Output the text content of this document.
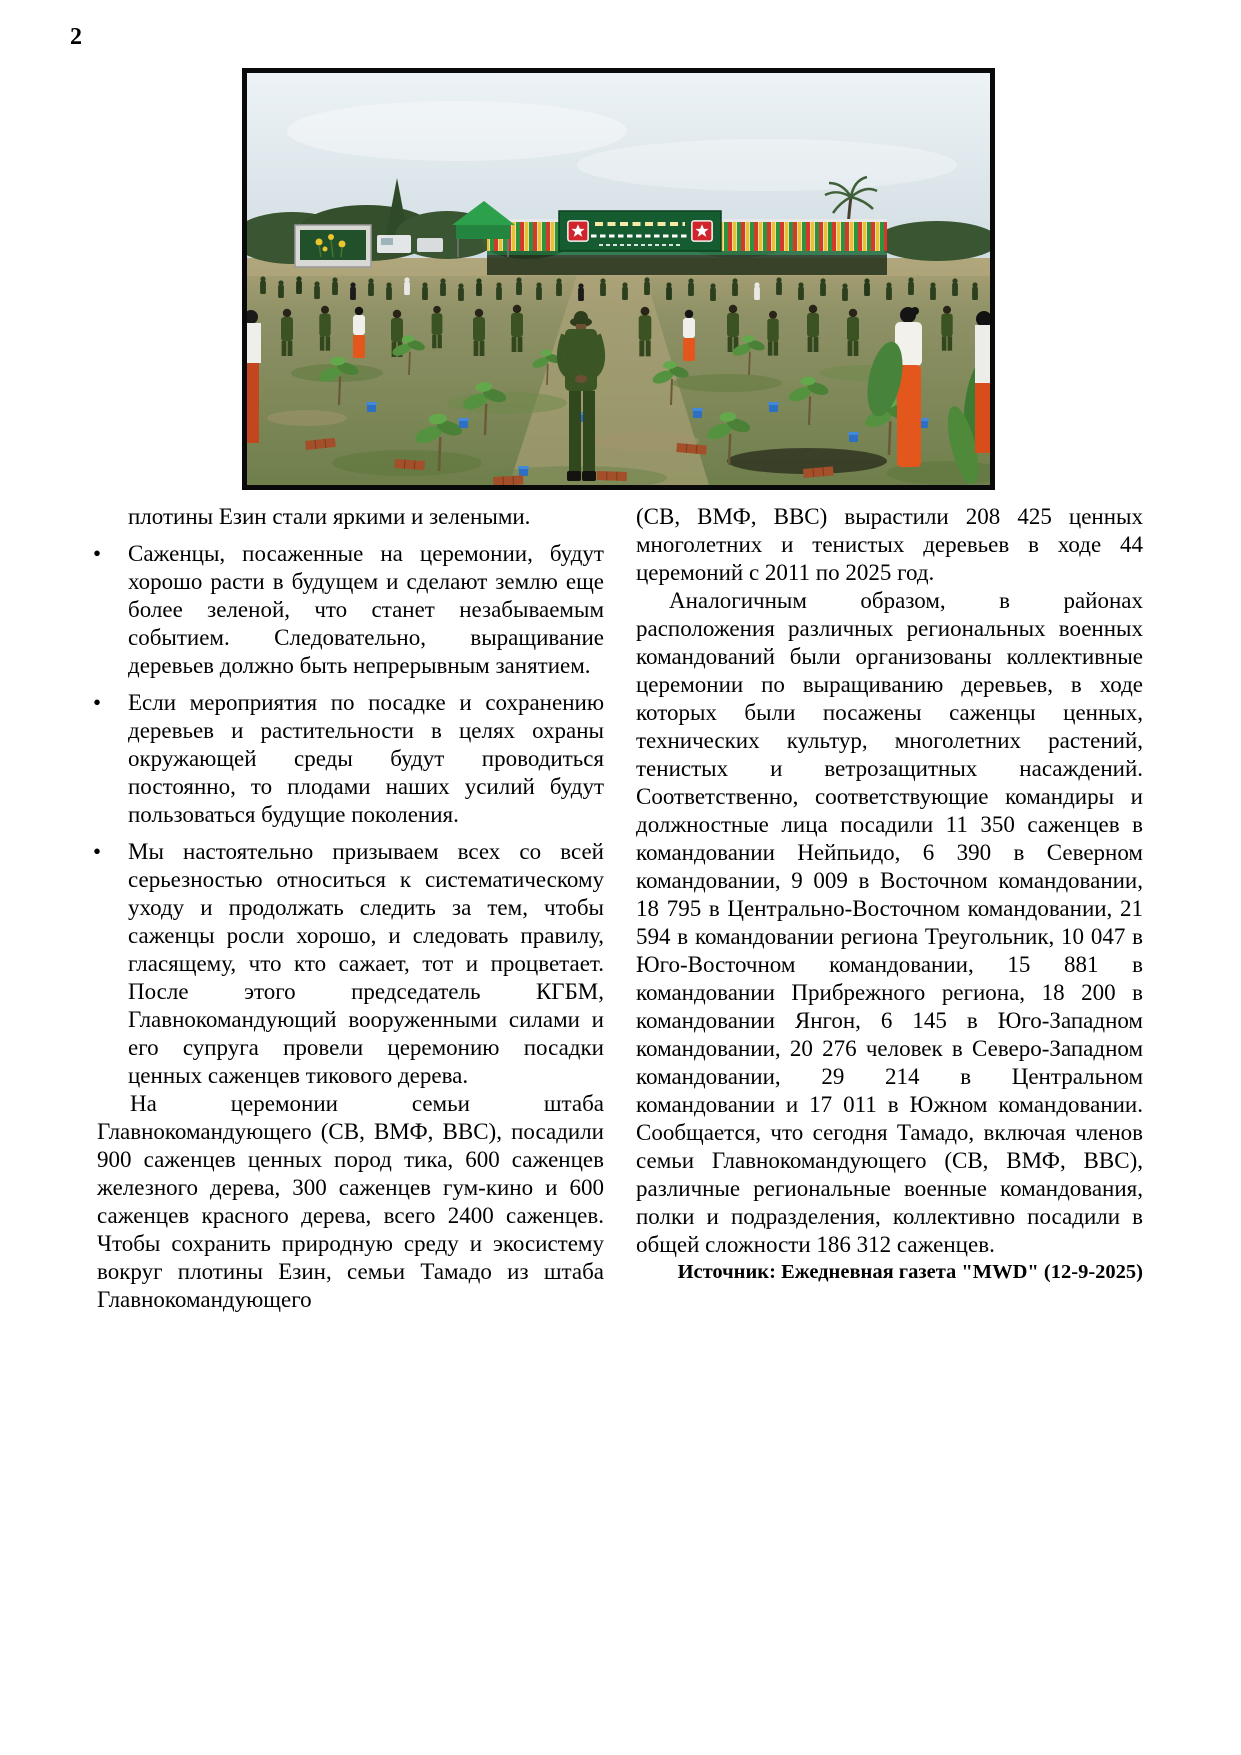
2

плотины Езин стали яркими и зелеными.

• Саженцы, посаженные на церемонии, будут хорошо расти в будущем и сделают землю еще более зеленой, что станет незабываемым событием. Следовательно, выращивание деревьев должно быть непрерывным занятием.

• Если мероприятия по посадке и сохранению деревьев и растительности в целях охраны окружающей среды будут проводиться постоянно, то плодами наших усилий будут пользоваться будущие поколения.

• Мы настоятельно призываем всех со всей серьезностью относиться к систематическому уходу и продолжать следить за тем, чтобы саженцы росли хорошо, и следовать правилу, гласящему, что кто сажает, тот и процветает. После этого председатель КГБМ, Главнокомандующий вооруженными силами и его супруга провели церемонию посадки ценных саженцев тикового дерева.

На церемонии семьи штаба Главнокомандующего (СВ, ВМФ, ВВС), посадили 900 саженцев ценных пород тика, 600 саженцев железного дерева, 300 саженцев гум-кино и 600 саженцев красного дерева, всего 2400 саженцев. Чтобы сохранить природную среду и экосистему вокруг плотины Езин, семьи Тамадо из штаба Главнокомандующего

(СВ, ВМФ, ВВС) вырастили 208 425 ценных многолетних и тенистых деревьев в ходе 44 церемоний с 2011 по 2025 год.

Аналогичным образом, в районах расположения различных региональных военных командований были организованы коллективные церемонии по выращиванию деревьев, в ходе которых были посажены саженцы ценных, технических культур, многолетних растений, тенистых и ветрозащитных насаждений. Соответственно, соответствующие командиры и должностные лица посадили 11 350 саженцев в командовании Нейпьидо, 6 390 в Северном командовании, 9 009 в Восточном командовании, 18 795 в Центрально-Восточном командовании, 21 594 в командовании региона Треугольник, 10 047 в Юго-Восточном командовании, 15 881 в командовании Прибрежного региона, 18 200 в командовании Янгон, 6 145 в Юго-Западном командовании, 20 276 человек в Северо-Западном командовании, 29 214 в Центральном командовании и 17 011 в Южном командовании. Сообщается, что сегодня Тамадо, включая членов семьи Главнокомандующего (СВ, ВМФ, ВВС), различные региональные военные командования, полки и подразделения, коллективно посадили в общей сложности 186 312 саженцев.

Источник: Ежедневная газета "MWD" (12-9-2025)
